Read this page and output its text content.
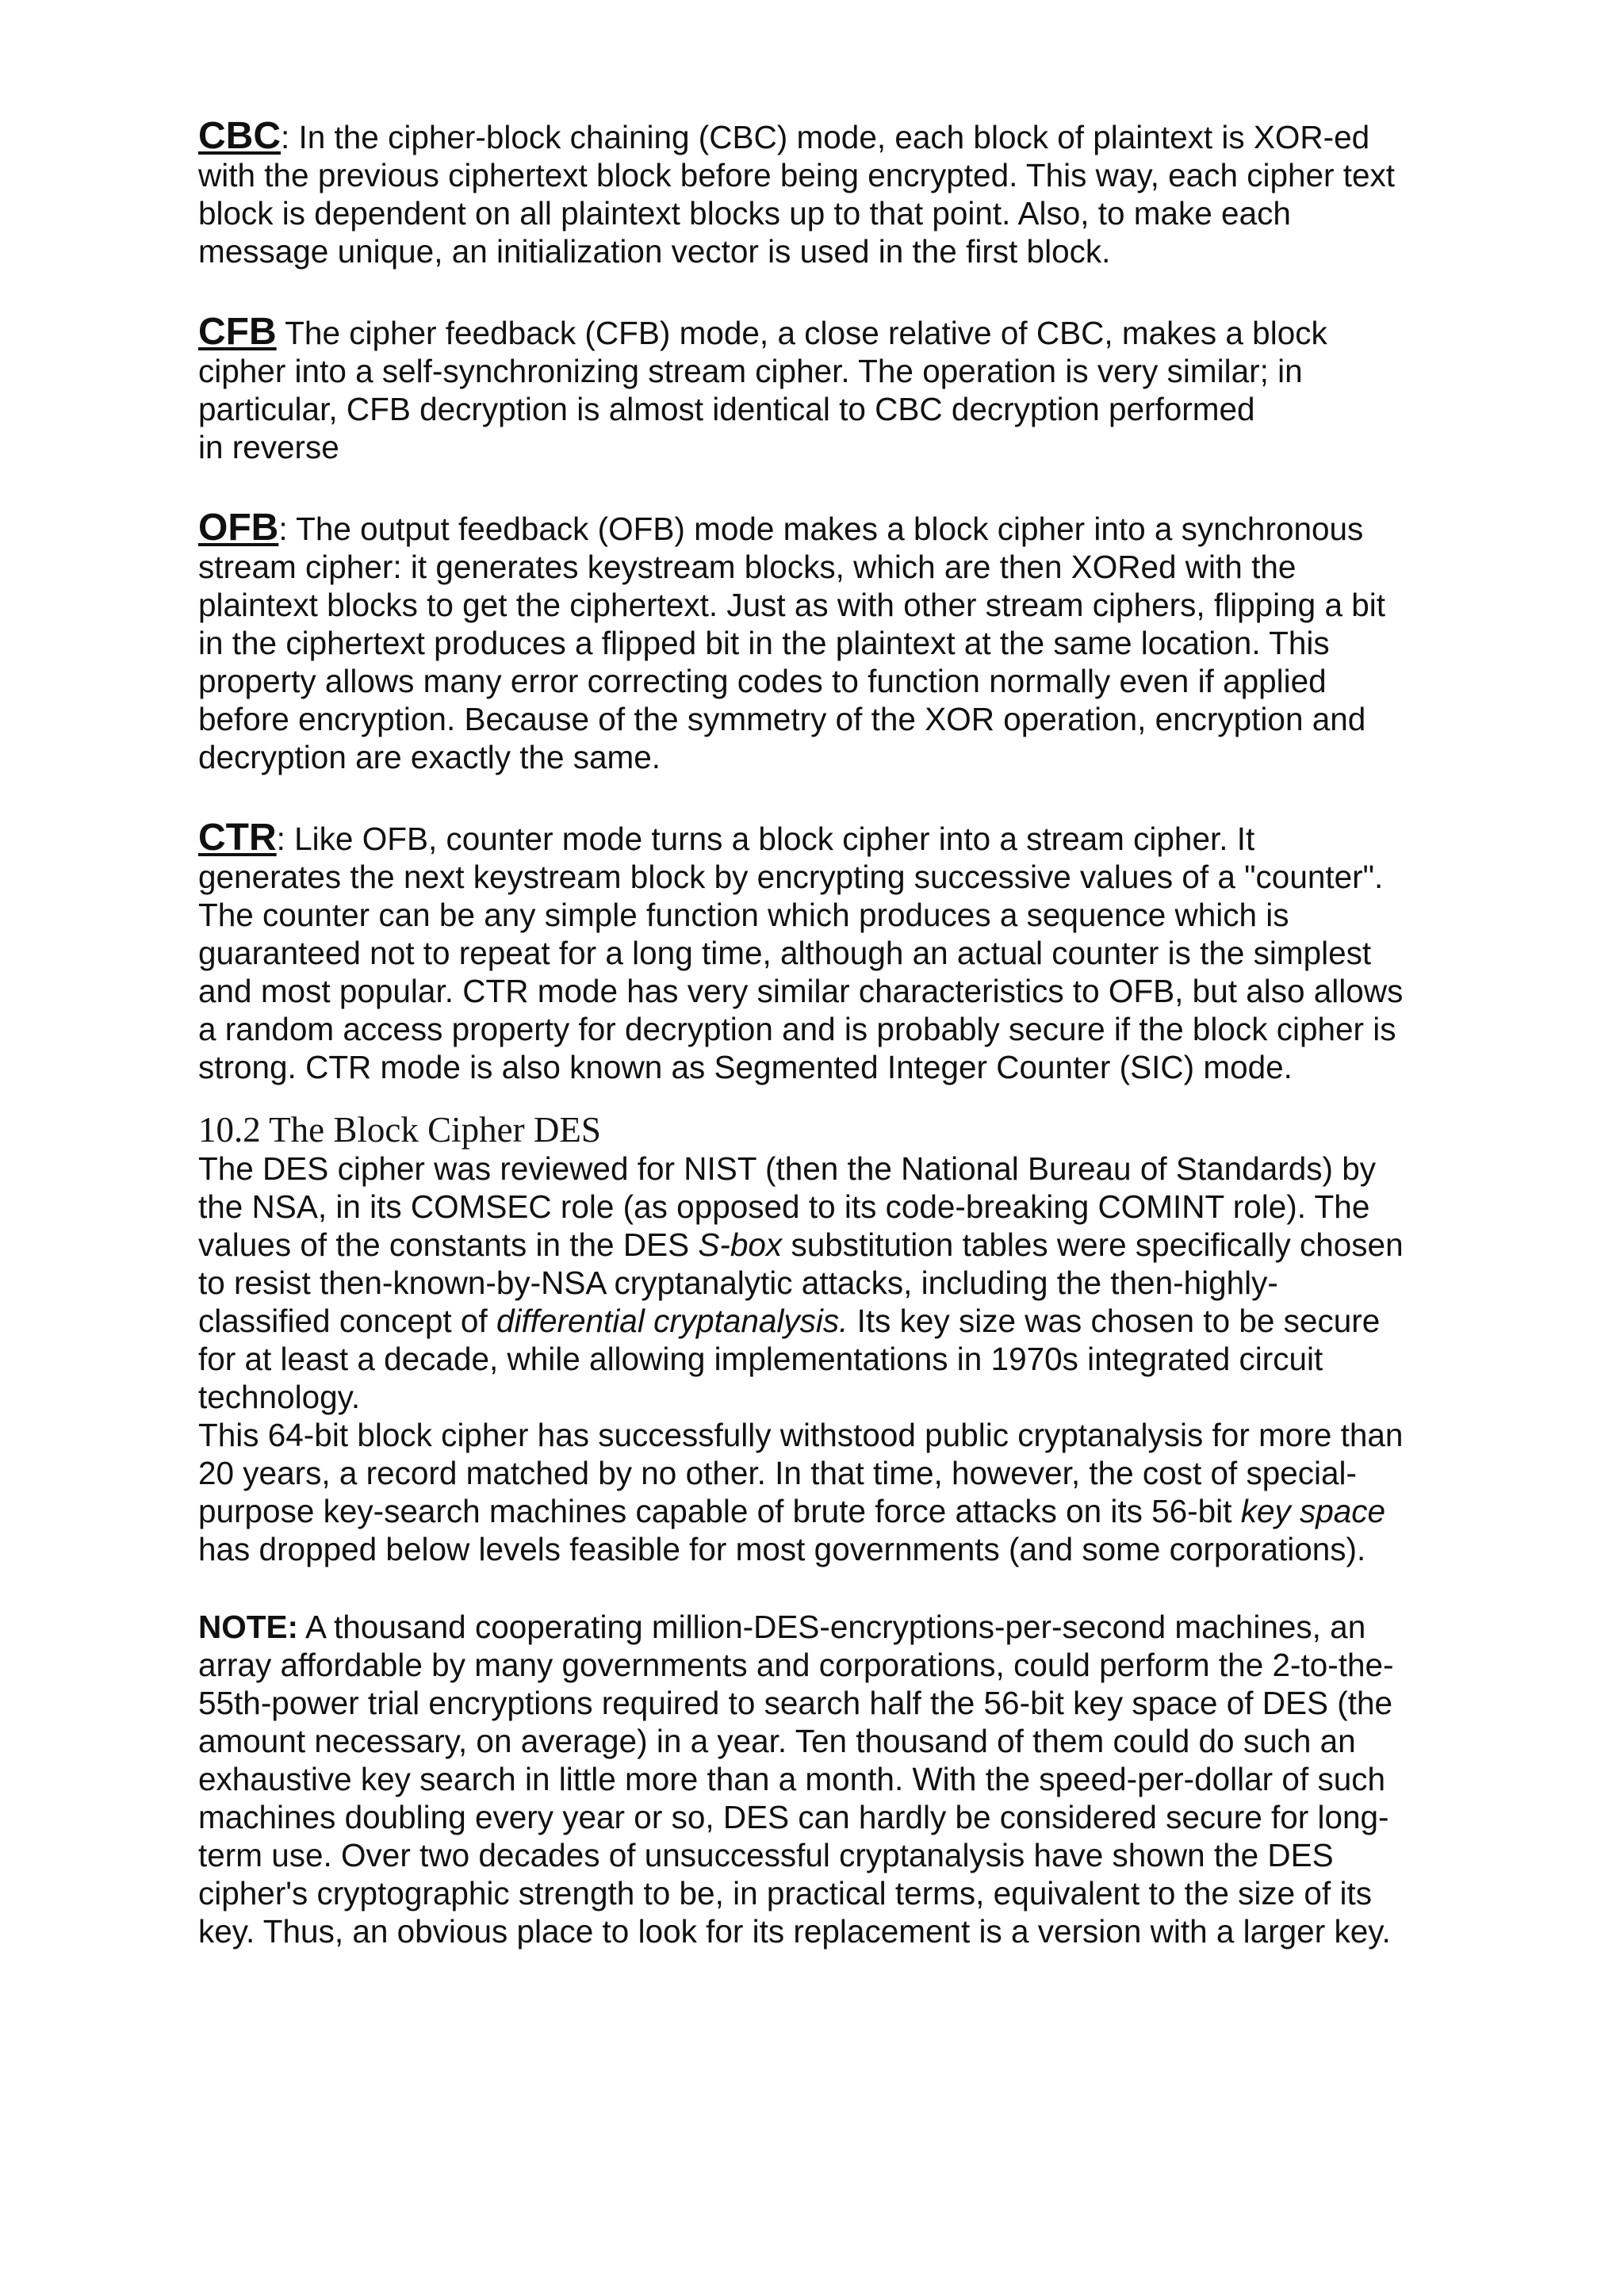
CBC: In the cipher-block chaining (CBC) mode, each block of plaintext is XOR-ed
with the previous ciphertext block before being encrypted. This way, each cipher text
block is dependent on all plaintext blocks up to that point. Also, to make each
message unique, an initialization vector is used in the first block.

CFB The cipher feedback (CFB) mode, a close relative of CBC, makes a block
cipher into a self-synchronizing stream cipher. The operation is very similar; in
particular, CFB decryption is almost identical to CBC decryption performed
in reverse

OFB: The output feedback (OFB) mode makes a block cipher into a synchronous
stream cipher: it generates keystream blocks, which are then XORed with the
plaintext blocks to get the ciphertext. Just as with other stream ciphers, flipping a bit
in the ciphertext produces a flipped bit in the plaintext at the same location. This
property allows many error correcting codes to function normally even if applied
before encryption. Because of the symmetry of the XOR operation, encryption and
decryption are exactly the same.

CTR: Like OFB, counter mode turns a block cipher into a stream cipher. It
generates the next keystream block by encrypting successive values of a "counter".
The counter can be any simple function which produces a sequence which is
guaranteed not to repeat for a long time, although an actual counter is the simplest
and most popular. CTR mode has very similar characteristics to OFB, but also allows
a random access property for decryption and is probably secure if the block cipher is
strong. CTR mode is also known as Segmented Integer Counter (SIC) mode.

10.2 The Block Cipher DES

The DES cipher was reviewed for NIST (then the National Bureau of Standards) by
the NSA, in its COMSEC role (as opposed to its code-breaking COMINT role). The
values of the constants in the DES S-box substitution tables were specifically chosen
to resist then-known-by-NSA cryptanalytic attacks, including the then-highly-
classified concept of differential cryptanalysis. Its key size was chosen to be secure
for at least a decade, while allowing implementations in 1970s integrated circuit
technology.

This 64-bit block cipher has successfully withstood public cryptanalysis for more than
20 years, a record matched by no other. In that time, however, the cost of special-
purpose key-search machines capable of brute force attacks on its 56-bit key space
has dropped below levels feasible for most governments (and some corporations).

NOTE: A thousand cooperating million-DES-encryptions-per-second machines, an
array affordable by many governments and corporations, could perform the 2-to-the-
55th-power trial encryptions required to search half the 56-bit key space of DES (the
amount necessary, on average) in a year. Ten thousand of them could do such an
exhaustive key search in little more than a month. With the speed-per-dollar of such
machines doubling every year or so, DES can hardly be considered secure for long-
term use. Over two decades of unsuccessful cryptanalysis have shown the DES
cipher's cryptographic strength to be, in practical terms, equivalent to the size of its
key. Thus, an obvious place to look for its replacement is a version with a larger key.
